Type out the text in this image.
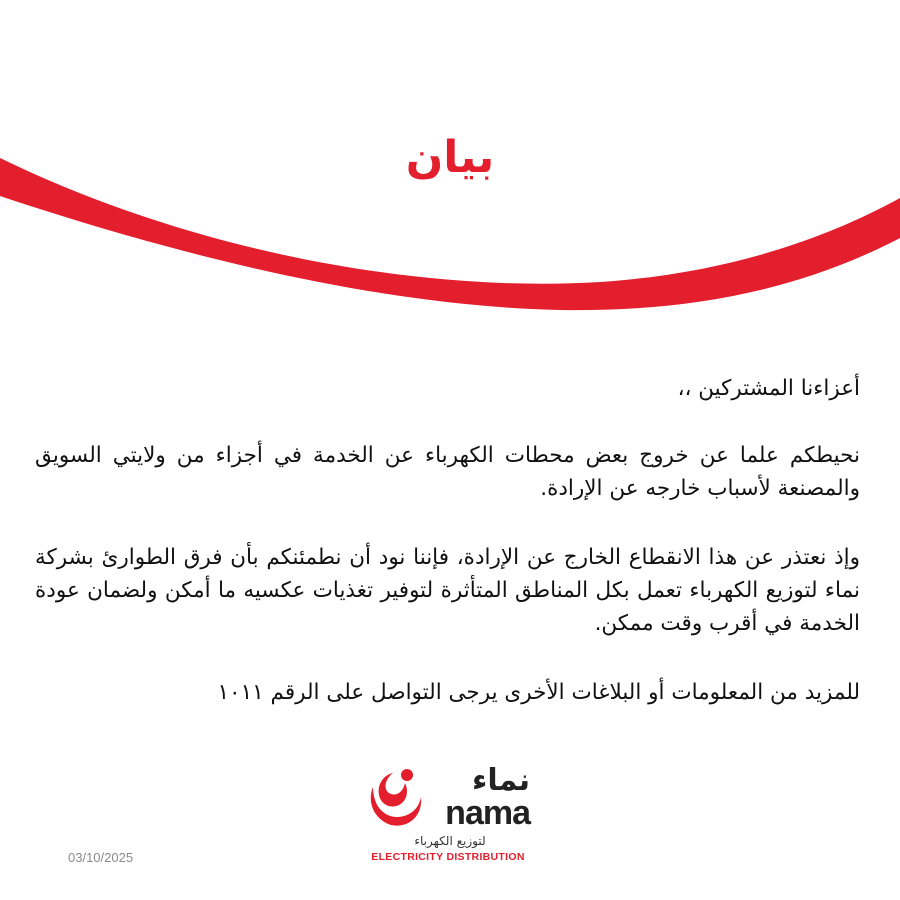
بيان

أعزاءنا المشتركين ،،

نحيطكم علما عن خروج بعض محطات الكهرباء عن الخدمة في أجزاء من ولايتي السويق والمصنعة لأسباب خارجه عن الإرادة.

وإذ نعتذر عن هذا الانقطاع الخارج عن الإرادة، فإننا نود أن نطمئنكم بأن فرق الطوارئ بشركة نماء لتوزيع الكهرباء تعمل بكل المناطق المتأثرة لتوفير تغذيات عكسيه ما أمكن ولضمان عودة الخدمة في أقرب وقت ممكن.

للمزيد من المعلومات أو البلاغات الأخرى يرجى التواصل على الرقم ١٠١١

نماء

nama

لتوزيع الكهرباء

ELECTRICITY DISTRIBUTION

03/10/2025
